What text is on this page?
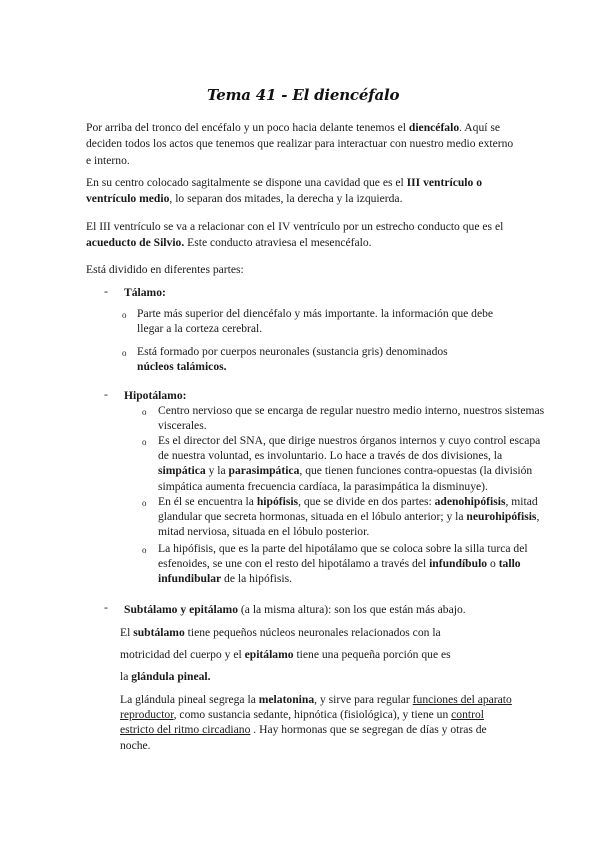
Tema 41 - El diencéfalo

Por arriba del tronco del encéfalo y un poco hacia delante tenemos el diencéfalo. Aquí se deciden todos los actos que tenemos que realizar para interactuar con nuestro medio externo e interno.

En su centro colocado sagitalmente se dispone una cavidad que es el III ventrículo o ventrículo medio, lo separan dos mitades, la derecha y la izquierda.

El III ventrículo se va a relacionar con el IV ventrículo por un estrecho conducto que es el acueducto de Silvio. Este conducto atraviesa el mesencéfalo.

Está dividido en diferentes partes:

- Tálamo:
o Parte más superior del diencéfalo y más importante. la información que debe llegar a la corteza cerebral.

o Está formado por cuerpos neuronales (sustancia gris) denominados núcleos talámicos.

- Hipotálamo:
o Centro nervioso que se encarga de regular nuestro medio interno, nuestros sistemas viscerales.

o Es el director del SNA, que dirige nuestros órganos internos y cuyo control escapa de nuestra voluntad, es involuntario. Lo hace a través de dos divisiones, la simpática y la parasimpática, que tienen funciones contra-opuestas (la división simpática aumenta frecuencia cardíaca, la parasimpática la disminuye).

o En él se encuentra la hipófisis, que se divide en dos partes: adenohipófisis, mitad glandular que secreta hormonas, situada en el lóbulo anterior; y la neurohipófisis, mitad nerviosa, situada en el lóbulo posterior.

o La hipófisis, que es la parte del hipotálamo que se coloca sobre la silla turca del esfenoides, se une con el resto del hipotálamo a través del infundíbulo o tallo infundibular de la hipófisis.

- Subtálamo y epitálamo (a la misma altura): son los que están más abajo.
El subtálamo tiene pequeños núcleos neuronales relacionados con la
motricidad del cuerpo y el epitálamo tiene una pequeña porción que es
la glándula pineal.

La glándula pineal segrega la melatonina, y sirve para regular funciones del aparato reproductor, como sustancia sedante, hipnótica (fisiológica), y tiene un control estricto del ritmo circadiano . Hay hormonas que se segregan de días y otras de noche.
